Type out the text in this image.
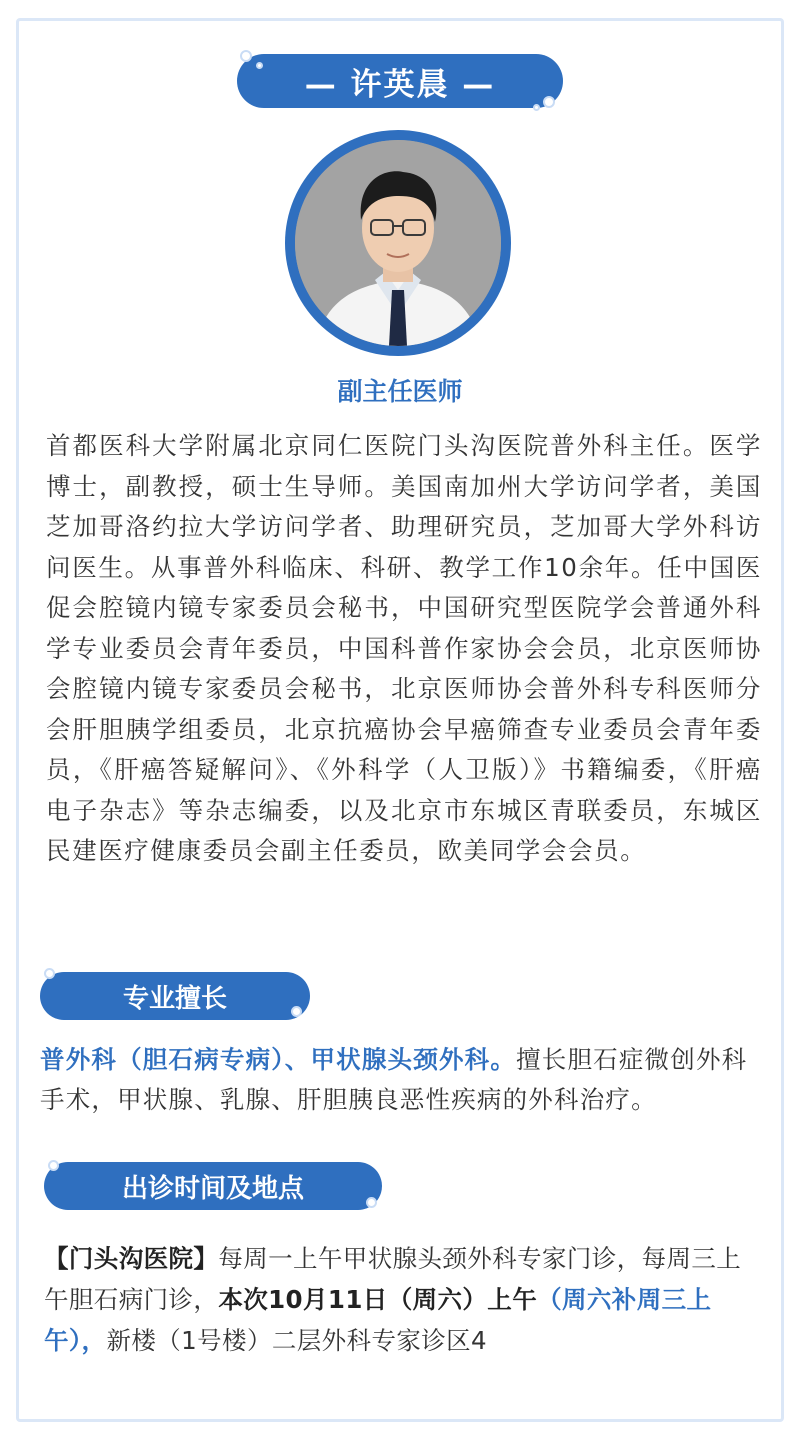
— 许英晨 —
副主任医师
首都医科大学附属北京同仁医院门头沟医院普外科主任。医学博士，副教授，硕士生导师。美国南加州大学访问学者，美国芝加哥洛约拉大学访问学者、助理研究员，芝加哥大学外科访问医生。从事普外科临床、科研、教学工作10余年。任中国医促会腔镜内镜专家委员会秘书，中国研究型医院学会普通外科学专业委员会青年委员，中国科普作家协会会员，北京医师协会腔镜内镜专家委员会秘书，北京医师协会普外科专科医师分会肝胆胰学组委员，北京抗癌协会早癌筛查专业委员会青年委员，《肝癌答疑解问》、《外科学（人卫版）》书籍编委，《肝癌电子杂志》等杂志编委，以及北京市东城区青联委员，东城区民建医疗健康委员会副主任委员，欧美同学会会员。
专业擅长
普外科（胆石病专病）、甲状腺头颈外科。擅长胆石症微创外科手术，甲状腺、乳腺、肝胆胰良恶性疾病的外科治疗。
出诊时间及地点
【门头沟医院】每周一上午甲状腺头颈外科专家门诊，每周三上午胆石病门诊，本次10月11日（周六）上午（周六补周三上午），新楼（1号楼）二层外科专家诊区4
